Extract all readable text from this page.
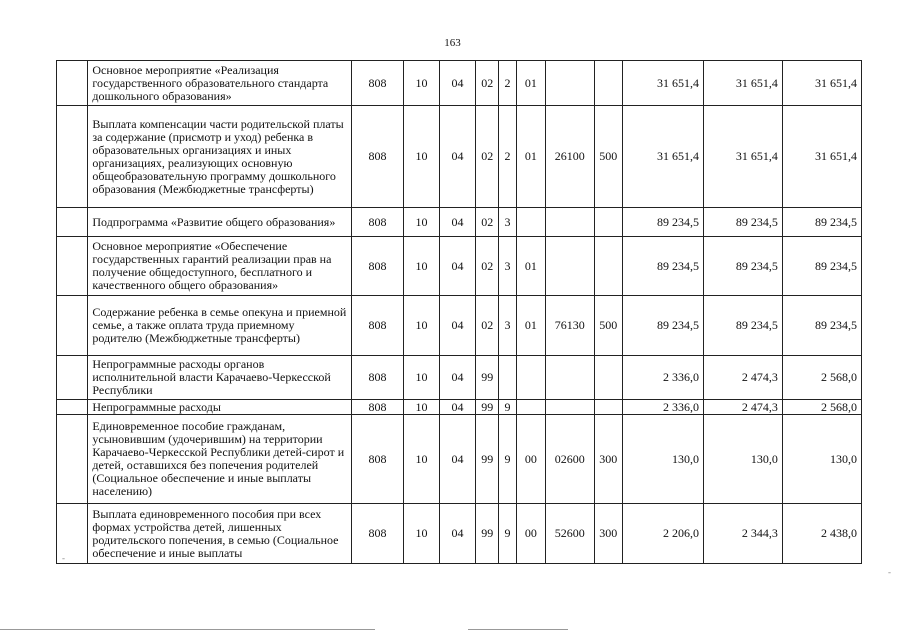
163
	Основное мероприятие «Реализация государственного образовательного стандарта дошкольного образования»	808	10	04	02	2	01			31 651,4	31 651,4	31 651,4
	Выплата компенсации части родительской платы за содержание (присмотр и уход) ребенка в образовательных организациях и иных организациях, реализующих основную общеобразовательную программу дошкольного образования (Межбюджетные трансферты)	808	10	04	02	2	01	26100	500	31 651,4	31 651,4	31 651,4
	Подпрограмма «Развитие общего образования»	808	10	04	02	3				89 234,5	89 234,5	89 234,5
	Основное мероприятие «Обеспечение государственных гарантий реализации прав на получение общедоступного, бесплатного и качественного общего образования»	808	10	04	02	3	01			89 234,5	89 234,5	89 234,5
	Содержание ребенка в семье опекуна и приемной семье, а также оплата труда приемному родителю (Межбюджетные трансферты)	808	10	04	02	3	01	76130	500	89 234,5	89 234,5	89 234,5
	Непрограммные расходы органов исполнительной власти Карачаево-Черкесской Республики	808	10	04	99					2 336,0	2 474,3	2 568,0
	Непрограммные расходы	808	10	04	99	9				2 336,0	2 474,3	2 568,0
	Единовременное пособие гражданам, усыновившим (удочерившим) на территории Карачаево-Черкесской Республики детей-сирот и детей, оставшихся без попечения родителей (Социальное обеспечение и иные выплаты населению)	808	10	04	99	9	00	02600	300	130,0	130,0	130,0
	Выплата единовременного пособия при всех формах устройства детей, лишенных родительского попечения, в семью (Социальное обеспечение и иные выплаты	808	10	04	99	9	00	52600	300	2 206,0	2 344,3	2 438,0
-
-
